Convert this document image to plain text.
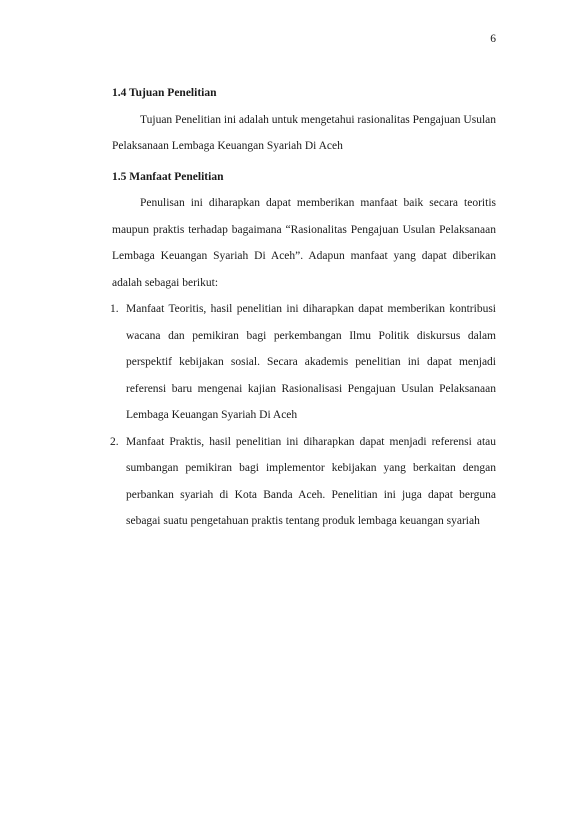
6
1.4 Tujuan Penelitian

Tujuan Penelitian ini adalah untuk mengetahui rasionalitas Pengajuan Usulan Pelaksanaan Lembaga Keuangan Syariah Di Aceh

1.5 Manfaat Penelitian

Penulisan ini diharapkan dapat memberikan manfaat baik secara teoritis maupun praktis terhadap bagaimana “Rasionalitas Pengajuan Usulan Pelaksanaan Lembaga Keuangan Syariah Di Aceh”. Adapun manfaat yang dapat diberikan adalah sebagai berikut:

1. Manfaat Teoritis, hasil penelitian ini diharapkan dapat memberikan kontribusi wacana dan pemikiran bagi perkembangan Ilmu Politik diskursus dalam perspektif kebijakan sosial. Secara akademis penelitian ini dapat menjadi referensi baru mengenai kajian Rasionalisasi Pengajuan Usulan Pelaksanaan Lembaga Keuangan Syariah Di Aceh
2. Manfaat Praktis, hasil penelitian ini diharapkan dapat menjadi referensi atau sumbangan pemikiran bagi implementor kebijakan yang berkaitan dengan perbankan syariah di Kota Banda Aceh. Penelitian ini juga dapat berguna sebagai suatu pengetahuan praktis tentang produk lembaga keuangan syariah
